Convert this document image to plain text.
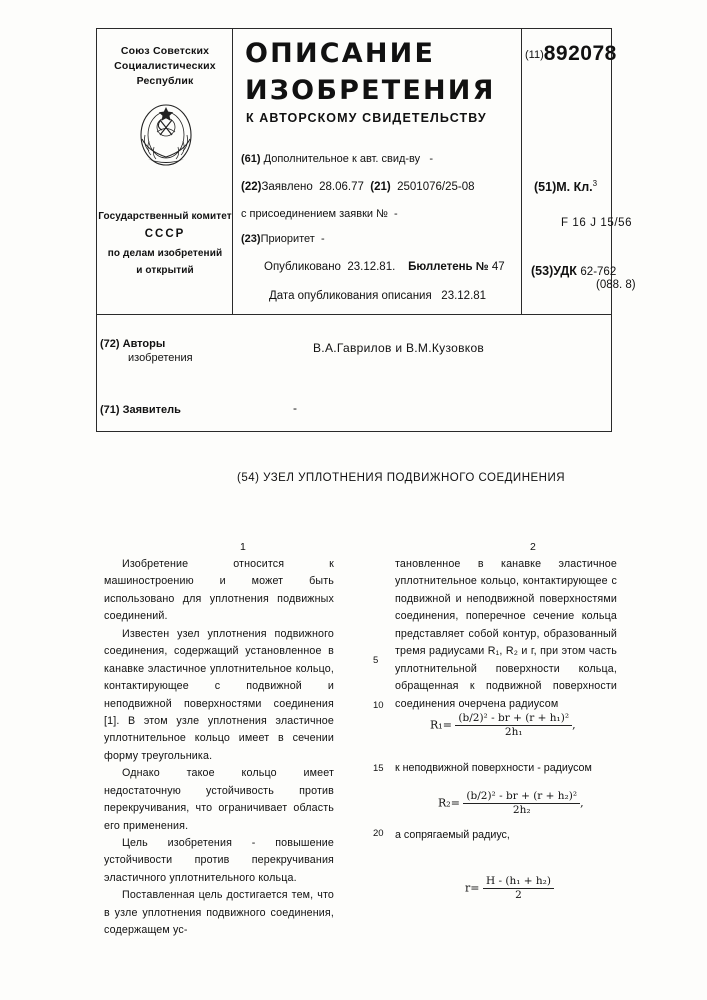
Союз Советских
Социалистических
Республик
Государственный комитет
СССР
по делам изобретений
и открытий
ОПИСАНИЕ
ИЗОБРЕТЕНИЯ
К АВТОРСКОМУ СВИДЕТЕЛЬСТВУ
(11)892078
(61) Дополнительное к авт. свид-ву -
(22)Заявлено 28.06.77 (21) 2501076/25-08
с присоединением заявки № -
(23)Приоритет -
Опубликовано 23.12.81. Бюллетень № 47
Дата опубликования описания 23.12.81
(51)М. Кл.$^3$
F 16 J 15/56
(53)УДК 62-762
(088. 8)
(72) Авторы
изобретения
В.А.Гаврилов и В.М.Кузовков
(71) Заявитель	-
(54) УЗЕЛ УПЛОТНЕНИЯ ПОДВИЖНОГО СОЕДИНЕНИЯ
1	2
5
10
15
20

Изобретение относится к машиностроению и может быть использовано для уплотнения подвижных соединений.

Известен узел уплотнения подвижного соединения, содержащий установленное в канавке эластичное уплотнительное кольцо, контактирующее с подвижной и неподвижной поверхностями соединения [1]. В этом узле уплотнения эластичное уплотнительное кольцо имеет в сечении форму треугольника.

Однако такое кольцо имеет недостаточную устойчивость против перекручивания, что ограничивает область его применения.

Цель изобретения - повышение устойчивости против перекручивания эластичного уплотнительного кольца.

Поставленная цель достигается тем, что в узле уплотнения подвижного соединения, содержащем ус-

тановленное в канавке эластичное уплотнительное кольцо, контактирующее с подвижной и неподвижной поверхностями соединения, поперечное сечение кольца представляет собой контур, образованный тремя радиусами R₁, R₂ и г, при этом часть уплотнительной поверхности кольца, обращенная к подвижной поверхности соединения очерчена радиусом

$R_1= \frac{\text{(b/2)² - br + (r + h₁)²}}{\text{2h₁}}$ ,
к неподвижной поверхности - радиусом
$R_2= \frac{\text{(b/2)² - br + (r + h₂)²}}{\text{2h₂}}$ ,
а сопрягаемый радиус,
$r= \frac{\text{H - (h₁ + h₂)}}{2}$
